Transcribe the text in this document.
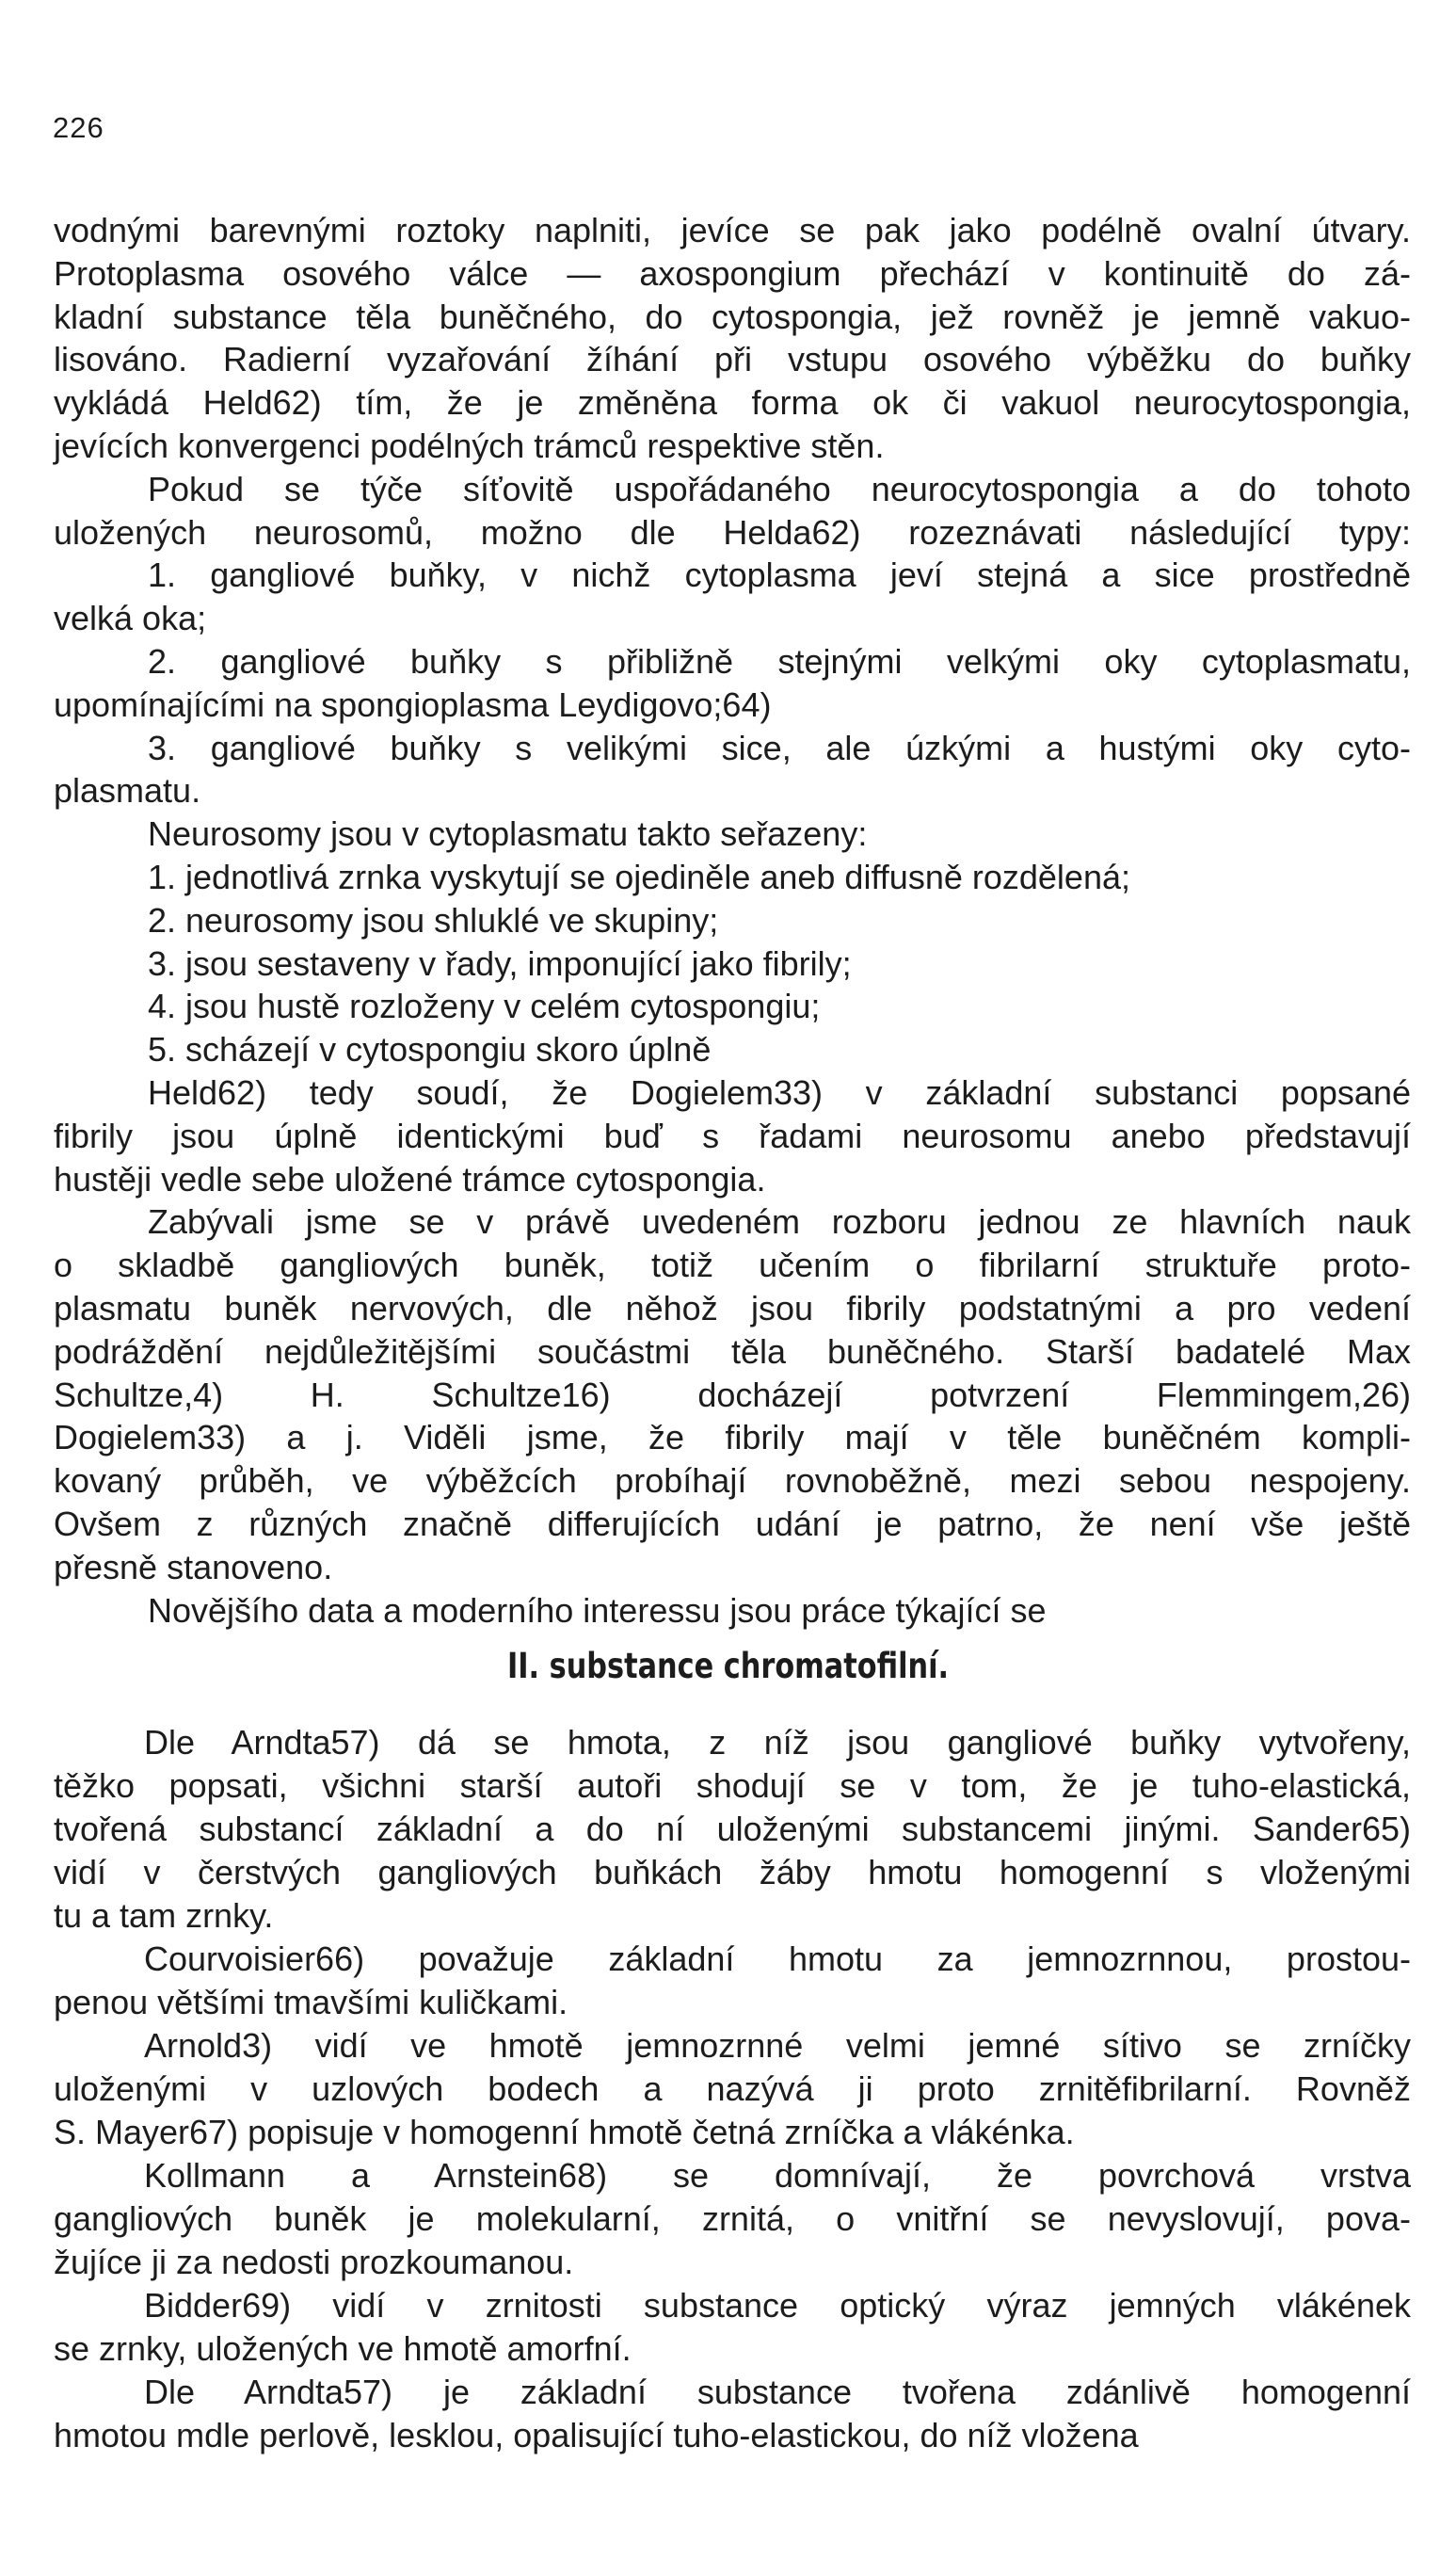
226
vodnými barevnými roztoky naplniti, jevíce se pak jako podélně ovalní útvary.
Protoplasma osového válce — axospongium přechází v kontinuitě do zá-
kladní substance těla buněčného, do cytospongia, jež rovněž je jemně vakuo-
lisováno. Radierní vyzařování žíhání při vstupu osového výběžku do buňky
vykládá Held62) tím, že je změněna forma ok či vakuol neurocytospongia,
jevících konvergenci podélných trámců respektive stěn.
Pokud se týče síťovitě uspořádaného neurocytospongia a do tohoto
uložených neurosomů, možno dle Helda62) rozeznávati následující typy:
1. gangliové buňky, v nichž cytoplasma jeví stejná a sice prostředně
velká oka;
2. gangliové buňky s přibližně stejnými velkými oky cytoplasmatu,
upomínajícími na spongioplasma Leydigovo;64)
3. gangliové buňky s velikými sice, ale úzkými a hustými oky cyto-
plasmatu.
Neurosomy jsou v cytoplasmatu takto seřazeny:
1. jednotlivá zrnka vyskytují se ojediněle aneb diffusně rozdělená;
2. neurosomy jsou shluklé ve skupiny;
3. jsou sestaveny v řady, imponující jako fibrily;
4. jsou hustě rozloženy v celém cytospongiu;
5. scházejí v cytospongiu skoro úplně
Held62) tedy soudí, že Dogielem33) v základní substanci popsané
fibrily jsou úplně identickými buď s řadami neurosomu anebo představují
hustěji vedle sebe uložené trámce cytospongia.
Zabývali jsme se v právě uvedeném rozboru jednou ze hlavních nauk
o skladbě gangliových buněk, totiž učením o fibrilarní struktuře proto-
plasmatu buněk nervových, dle něhož jsou fibrily podstatnými a pro vedení
podráždění nejdůležitějšími součástmi těla buněčného. Starší badatelé Max
Schultze,4) H. Schultze16) docházejí potvrzení Flemmingem,26)
Dogielem33) a j. Viděli jsme, že fibrily mají v těle buněčném kompli-
kovaný průběh, ve výběžcích probíhají rovnoběžně, mezi sebou nespojeny.
Ovšem z různých značně differujících udání je patrno, že není vše ještě
přesně stanoveno.
Novějšího data a moderního interessu jsou práce týkající se
II. substance chromatofilní.
Dle Arndta57) dá se hmota, z níž jsou gangliové buňky vytvořeny,
těžko popsati, všichni starší autoři shodují se v tom, že je tuho-elastická,
tvořená substancí základní a do ní uloženými substancemi jinými. Sander65)
vidí v čerstvých gangliových buňkách žáby hmotu homogenní s vloženými
tu a tam zrnky.
Courvoisier66) považuje základní hmotu za jemnozrnnou, prostou-
penou většími tmavšími kuličkami.
Arnold3) vidí ve hmotě jemnozrnné velmi jemné sítivo se zrníčky
uloženými v uzlových bodech a nazývá ji proto zrnitěfibrilarní. Rovněž
S. Mayer67) popisuje v homogenní hmotě četná zrníčka a vlákénka.
Kollmann a Arnstein68) se domnívají, že povrchová vrstva
gangliových buněk je molekularní, zrnitá, o vnitřní se nevyslovují, pova-
žujíce ji za nedosti prozkoumanou.
Bidder69) vidí v zrnitosti substance optický výraz jemných vlákének
se zrnky, uložených ve hmotě amorfní.
Dle Arndta57) je základní substance tvořena zdánlivě homogenní
hmotou mdle perlově, lesklou, opalisující tuho-elastickou, do níž vložena
